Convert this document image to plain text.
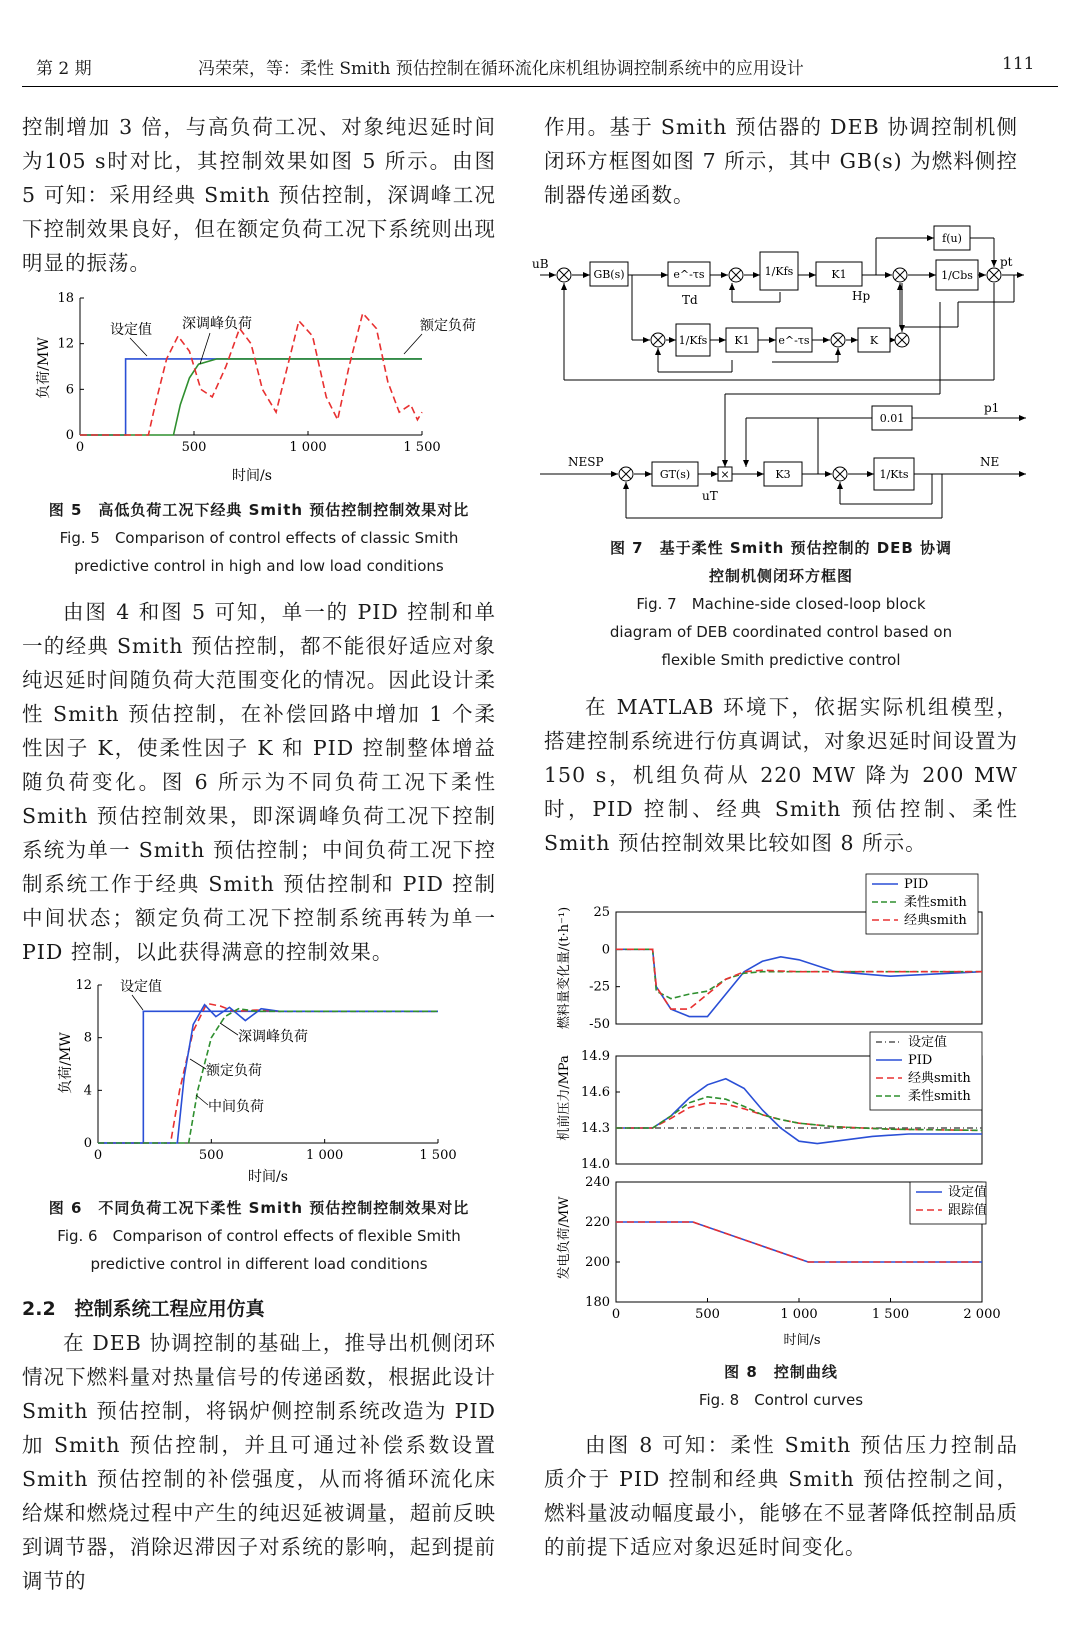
第 2 期	冯荣荣，等：柔性 Smith 预估控制在循环流化床机组协调控制系统中的应用设计	111
控制增加 3 倍，与高负荷工况、对象纯迟延时间为105 s时对比，其控制效果如图 5 所示。由图 5 可知：采用经典 Smith 预估控制，深调峰工况下控制效果良好，但在额定负荷工况下系统则出现明显的振荡。
0	500	1 000	1 500
0
6
12
18
负荷/MW
时间/s
设定值 深调峰负荷	额定负荷
图 5　高低负荷工况下经典 Smith 预估控制控制效果对比
Fig. 5　Comparison of control effects of classic Smith
predictive control in high and low load conditions
由图 4 和图 5 可知，单一的 PID 控制和单一的经典 Smith 预估控制，都不能很好适应对象纯迟延时间随负荷大范围变化的情况。因此设计柔性 Smith 预估控制，在补偿回路中增加 1 个柔性因子 K，使柔性因子 K 和 PID 控制整体增益随负荷变化。图 6 所示为不同负荷工况下柔性 Smith 预估控制效果，即深调峰负荷工况下控制系统为单一 Smith 预估控制；中间负荷工况下控制系统工作于经典 Smith 预估控制和 PID 控制中间状态；额定负荷工况下控制系统再转为单一 PID 控制，以此获得满意的控制效果。
0	500	1 000	1 500
0
4
8
12
负荷/MW
时间/s
设定值
深调峰负荷
额定负荷
中间负荷
图 6　不同负荷工况下柔性 Smith 预估控制控制效果对比
Fig. 6　Comparison of control effects of flexible Smith
predictive control in different load conditions
2.2　控制系统工程应用仿真
在 DEB 协调控制的基础上，推导出机侧闭环情况下燃料量对热量信号的传递函数，根据此设计 Smith 预估控制，将锅炉侧控制系统改造为 PID 加 Smith 预估控制，并且可通过补偿系数设置 Smith 预估控制的补偿强度，从而将循环流化床给煤和燃烧过程中产生的纯迟延被调量，超前反映到调节器，消除迟滞因子对系统的影响，起到提前调节的
作用。基于 Smith 预估器的 DEB 协调控制机侧闭环方框图如图 7 所示，其中 GB(s) 为燃料侧控制器传递函数。
GB(s)	e^-τs	1/Kfs	K1
f(u)
1/Cbs
1/Kfs K1	e^-τs	K
0.01
GT(s)	K3	1/Kts
×
uB
Td	Hp
pt
p1
NESP	NE
uT
图 7　基于柔性 Smith 预估控制的 DEB 协调
控制机侧闭环方框图
Fig. 7　Machine-side closed-loop block
diagram of DEB coordinated control based on
flexible Smith predictive control
在 MATLAB 环境下，依据实际机组模型，搭建控制系统进行仿真调试，对象迟延时间设置为 150 s，机组负荷从 220 MW 降为 200 MW 时，PID 控制、经典 Smith 预估控制、柔性 Smith 预估控制效果比较如图 8 所示。
-50
-25
0
25
PID
柔性smith
经典smith
14.0
14.3
14.6
14.9
设定值
PID
经典smith
柔性smith
0	500	1 000	1 500	2 000
180
200
220
240
设定值
跟踪值
燃料量变化量/(t·h⁻¹)
机前压力/MPa
发电负荷/MW
时间/s
图 8　控制曲线
Fig. 8　Control curves
由图 8 可知：柔性 Smith 预估压力控制品质介于 PID 控制和经典 Smith 预估控制之间，燃料量波动幅度最小，能够在不显著降低控制品质的前提下适应对象迟延时间变化。
